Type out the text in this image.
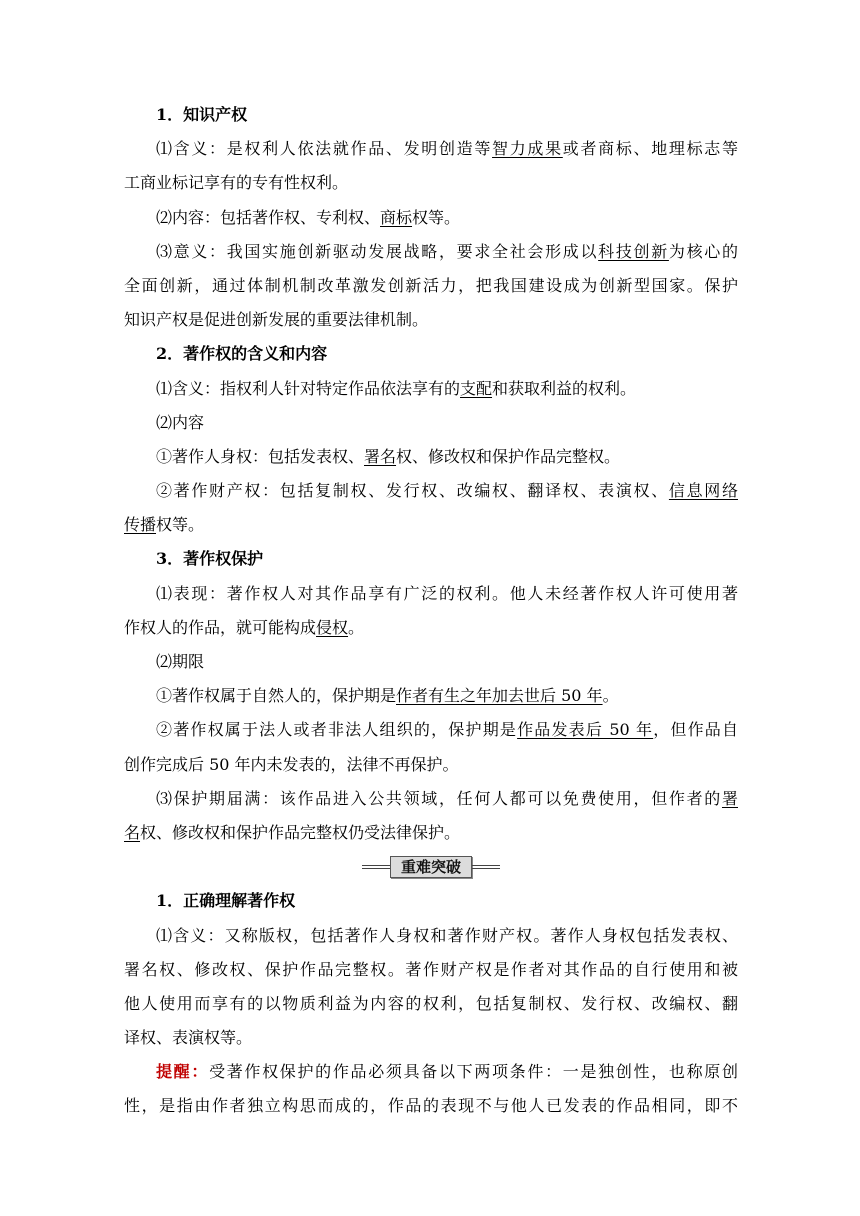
1．知识产权
⑴含义：是权利人依法就作品、发明创造等智力成果或者商标、地理标志等
工商业标记享有的专有性权利。
⑵内容：包括著作权、专利权、商标权等。
⑶意义：我国实施创新驱动发展战略，要求全社会形成以科技创新为核心的
全面创新，通过体制机制改革激发创新活力，把我国建设成为创新型国家。保护
知识产权是促进创新发展的重要法律机制。
2．著作权的含义和内容
⑴含义：指权利人针对特定作品依法享有的支配和获取利益的权利。
⑵内容
①著作人身权：包括发表权、署名权、修改权和保护作品完整权。
②著作财产权：包括复制权、发行权、改编权、翻译权、表演权、信息网络
传播权等。
3．著作权保护
⑴表现：著作权人对其作品享有广泛的权利。他人未经著作权人许可使用著
作权人的作品，就可能构成侵权。
⑵期限
①著作权属于自然人的，保护期是作者有生之年加去世后 50 年。
②著作权属于法人或者非法人组织的，保护期是作品发表后 50 年，但作品自
创作完成后 50 年内未发表的，法律不再保护。
⑶保护期届满：该作品进入公共领域，任何人都可以免费使用，但作者的署
名权、修改权和保护作品完整权仍受法律保护。
重难突破
1．正确理解著作权
⑴含义：又称版权，包括著作人身权和著作财产权。著作人身权包括发表权、
署名权、修改权、保护作品完整权。著作财产权是作者对其作品的自行使用和被
他人使用而享有的以物质利益为内容的权利，包括复制权、发行权、改编权、翻
译权、表演权等。
提醒：受著作权保护的作品必须具备以下两项条件：一是独创性，也称原创
性，是指由作者独立构思而成的，作品的表现不与他人已发表的作品相同，即不
